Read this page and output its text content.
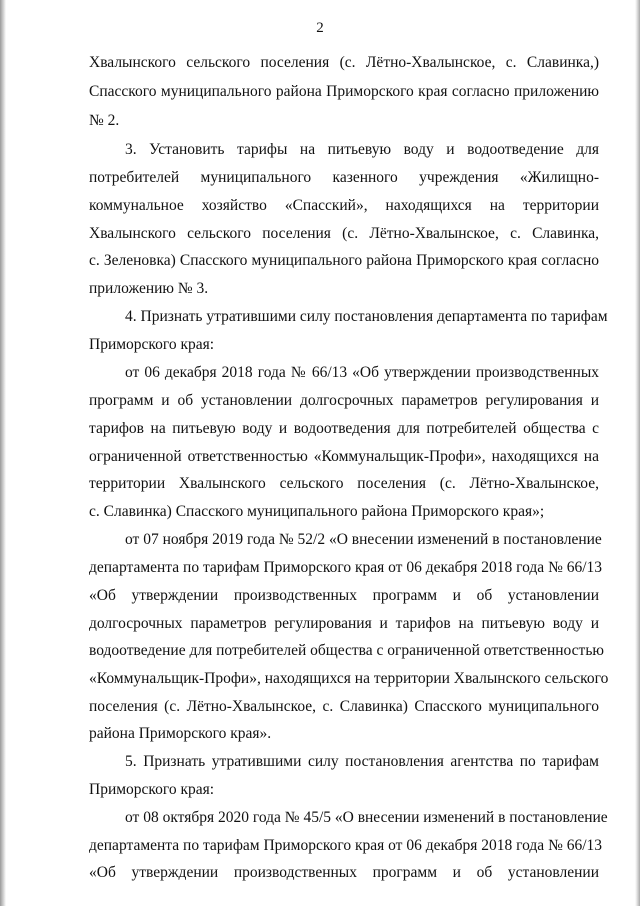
2
Хвалынского сельского поселения (с. Лётно-Хвалынское, с. Славинка,)
Спасского муниципального района Приморского края согласно приложению
№ 2.
3. Установить тарифы на питьевую воду и водоотведение для
потребителей муниципального казенного учреждения «Жилищно-
коммунальное хозяйство «Спасский», находящихся на территории
Хвалынского сельского поселения (с. Лётно-Хвалынское, с. Славинка,
с. Зеленовка) Спасского муниципального района Приморского края согласно
приложению № 3.
4. Признать утратившими силу постановления департамента по тарифам
Приморского края:
от 06 декабря 2018 года № 66/13 «Об утверждении производственных
программ и об установлении долгосрочных параметров регулирования и
тарифов на питьевую воду и водоотведения для потребителей общества с
ограниченной ответственностью «Коммунальщик-Профи», находящихся на
территории Хвалынского сельского поселения (с. Лётно-Хвалынское,
с. Славинка) Спасского муниципального района Приморского края»;
от 07 ноября 2019 года № 52/2 «О внесении изменений в постановление
департамента по тарифам Приморского края от 06 декабря 2018 года № 66/13
«Об утверждении производственных программ и об установлении
долгосрочных параметров регулирования и тарифов на питьевую воду и
водоотведение для потребителей общества с ограниченной ответственностью
«Коммунальщик-Профи», находящихся на территории Хвалынского сельского
поселения (с. Лётно-Хвалынское, с. Славинка) Спасского муниципального
района Приморского края».
5. Признать утратившими силу постановления агентства по тарифам
Приморского края:
от 08 октября 2020 года № 45/5 «О внесении изменений в постановление
департамента по тарифам Приморского края от 06 декабря 2018 года № 66/13
«Об утверждении производственных программ и об установлении
